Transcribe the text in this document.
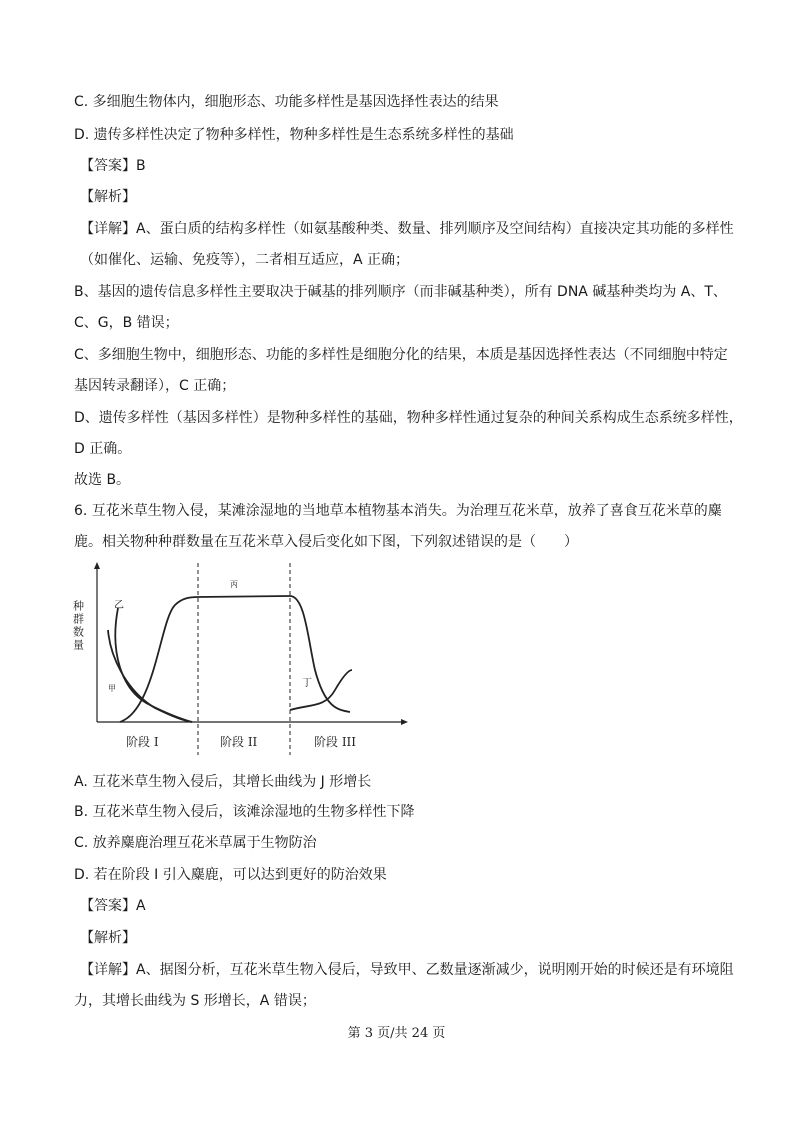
C. 多细胞生物体内，细胞形态、功能多样性是基因选择性表达的结果
D. 遗传多样性决定了物种多样性，物种多样性是生态系统多样性的基础
【答案】B
【解析】
【详解】A、蛋白质的结构多样性（如氨基酸种类、数量、排列顺序及空间结构）直接决定其功能的多样性
（如催化、运输、免疫等），二者相互适应，A 正确；
B、基因的遗传信息多样性主要取决于碱基的排列顺序（而非碱基种类），所有 DNA 碱基种类均为 A、T、
C、G，B 错误；
C、多细胞生物中，细胞形态、功能的多样性是细胞分化的结果，本质是基因选择性表达（不同细胞中特定
基因转录翻译），C 正确；
D、遗传多样性（基因多样性）是物种多样性的基础，物种多样性通过复杂的种间关系构成生态系统多样性，
D 正确。
故选 B。
6. 互花米草生物入侵，某滩涂湿地的当地草本植物基本消失。为治理互花米草，放养了喜食互花米草的麋
鹿。相关物种种群数量在互花米草入侵后变化如下图，下列叙述错误的是（　　）
种群数量	乙
甲
丙
丁
阶段 I	阶段 II	阶段 III
A. 互花米草生物入侵后，其增长曲线为 J 形增长
B. 互花米草生物入侵后，该滩涂湿地的生物多样性下降
C. 放养麋鹿治理互花米草属于生物防治
D. 若在阶段 I 引入麋鹿，可以达到更好的防治效果
【答案】A
【解析】
【详解】A、据图分析，互花米草生物入侵后，导致甲、乙数量逐渐减少，说明刚开始的时候还是有环境阻
力，其增长曲线为 S 形增长，A 错误；
第 3 页/共 24 页
